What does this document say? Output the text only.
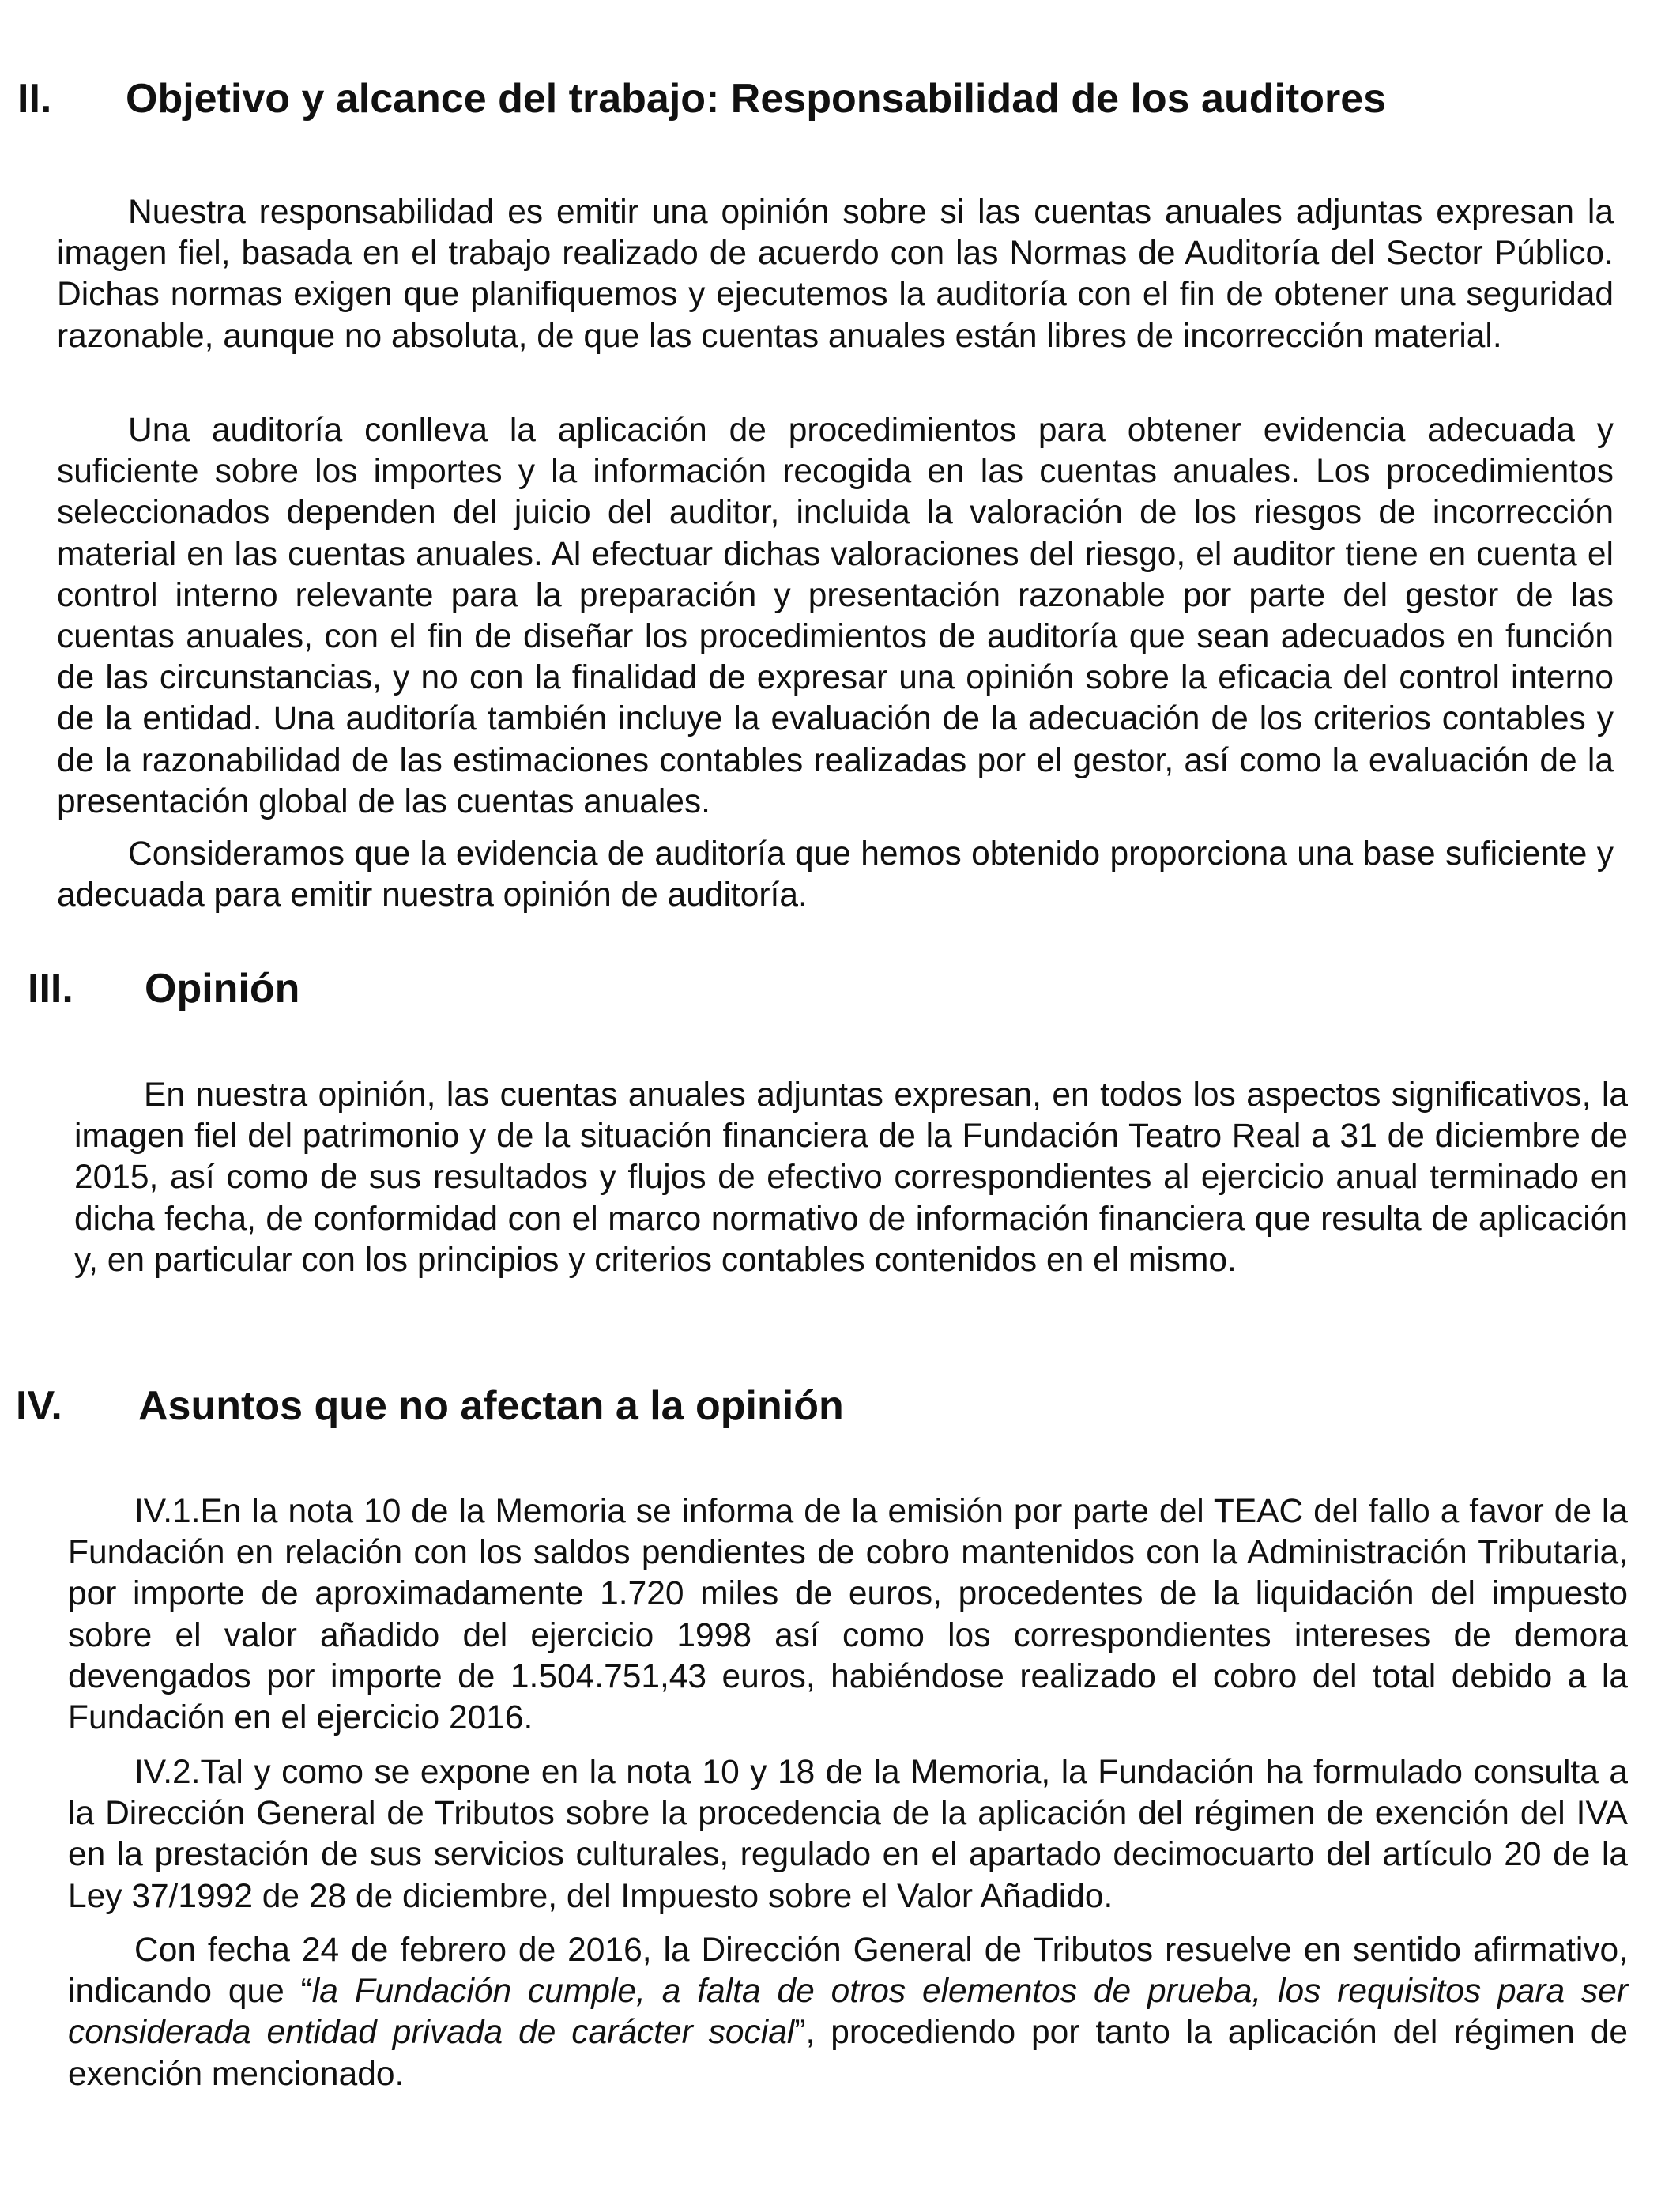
II. Objetivo y alcance del trabajo: Responsabilidad de los auditores

Nuestra responsabilidad es emitir una opinión sobre si las cuentas anuales adjuntas expresan la imagen fiel, basada en el trabajo realizado de acuerdo con las Normas de Auditoría del Sector Público. Dichas normas exigen que planifiquemos y ejecutemos la auditoría con el fin de obtener una seguridad razonable, aunque no absoluta, de que las cuentas anuales están libres de incorrección material.

Una auditoría conlleva la aplicación de procedimientos para obtener evidencia adecuada y suficiente sobre los importes y la información recogida en las cuentas anuales. Los procedimientos seleccionados dependen del juicio del auditor, incluida la valoración de los riesgos de incorrección material en las cuentas anuales. Al efectuar dichas valoraciones del riesgo, el auditor tiene en cuenta el control interno relevante para la preparación y presentación razonable por parte del gestor de las cuentas anuales, con el fin de diseñar los procedimientos de auditoría que sean adecuados en función de las circunstancias, y no con la finalidad de expresar una opinión sobre la eficacia del control interno de la entidad. Una auditoría también incluye la evaluación de la adecuación de los criterios contables y de la razonabilidad de las estimaciones contables realizadas por el gestor, así como la evaluación de la presentación global de las cuentas anuales.

Consideramos que la evidencia de auditoría que hemos obtenido proporciona una base suficiente y adecuada para emitir nuestra opinión de auditoría.

III. Opinión

En nuestra opinión, las cuentas anuales adjuntas expresan, en todos los aspectos significativos, la imagen fiel del patrimonio y de la situación financiera de la Fundación Teatro Real a 31 de diciembre de 2015, así como de sus resultados y flujos de efectivo correspondientes al ejercicio anual terminado en dicha fecha, de conformidad con el marco normativo de información financiera que resulta de aplicación y, en particular con los principios y criterios contables contenidos en el mismo.

IV. Asuntos que no afectan a la opinión

IV.1.En la nota 10 de la Memoria se informa de la emisión por parte del TEAC del fallo a favor de la Fundación en relación con los saldos pendientes de cobro mantenidos con la Administración Tributaria, por importe de aproximadamente 1.720 miles de euros, procedentes de la liquidación del impuesto sobre el valor añadido del ejercicio 1998 así como los correspondientes intereses de demora devengados por importe de 1.504.751,43 euros, habiéndose realizado el cobro del total debido a la Fundación en el ejercicio 2016.

IV.2.Tal y como se expone en la nota 10 y 18 de la Memoria, la Fundación ha formulado consulta a la Dirección General de Tributos sobre la procedencia de la aplicación del régimen de exención del IVA en la prestación de sus servicios culturales, regulado en el apartado decimocuarto del artículo 20 de la Ley 37/1992 de 28 de diciembre, del Impuesto sobre el Valor Añadido.

Con fecha 24 de febrero de 2016, la Dirección General de Tributos resuelve en sentido afirmativo, indicando que “la Fundación cumple, a falta de otros elementos de prueba, los requisitos para ser considerada entidad privada de carácter social”, procediendo por tanto la aplicación del régimen de exención mencionado.
